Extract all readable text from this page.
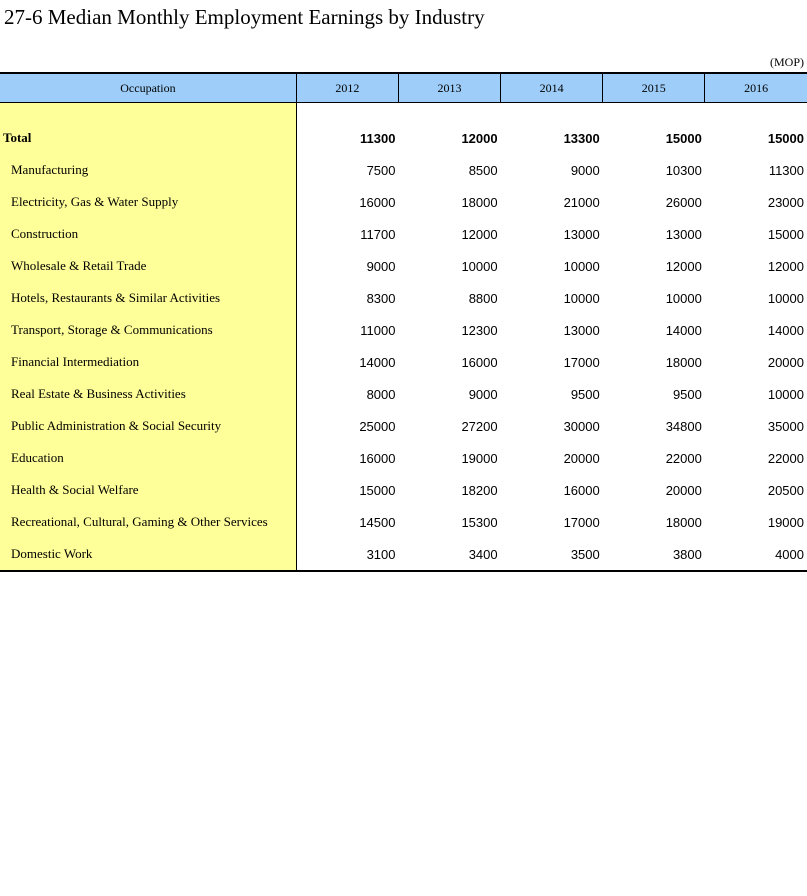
27-6 Median Monthly Employment Earnings by Industry
(MOP)
Occupation	2012	2013	2014	2015	2016

Total	11300	12000	13300	15000	15000
Manufacturing	7500	8500	9000	10300	11300
Electricity, Gas & Water Supply	16000	18000	21000	26000	23000
Construction	11700	12000	13000	13000	15000
Wholesale & Retail Trade	9000	10000	10000	12000	12000
Hotels, Restaurants & Similar Activities	8300	8800	10000	10000	10000
Transport, Storage & Communications	11000	12300	13000	14000	14000
Financial Intermediation	14000	16000	17000	18000	20000
Real Estate & Business Activities	8000	9000	9500	9500	10000
Public Administration & Social Security	25000	27200	30000	34800	35000
Education	16000	19000	20000	22000	22000
Health & Social Welfare	15000	18200	16000	20000	20500
Recreational, Cultural, Gaming & Other Services	14500	15300	17000	18000	19000
Domestic Work	3100	3400	3500	3800	4000
